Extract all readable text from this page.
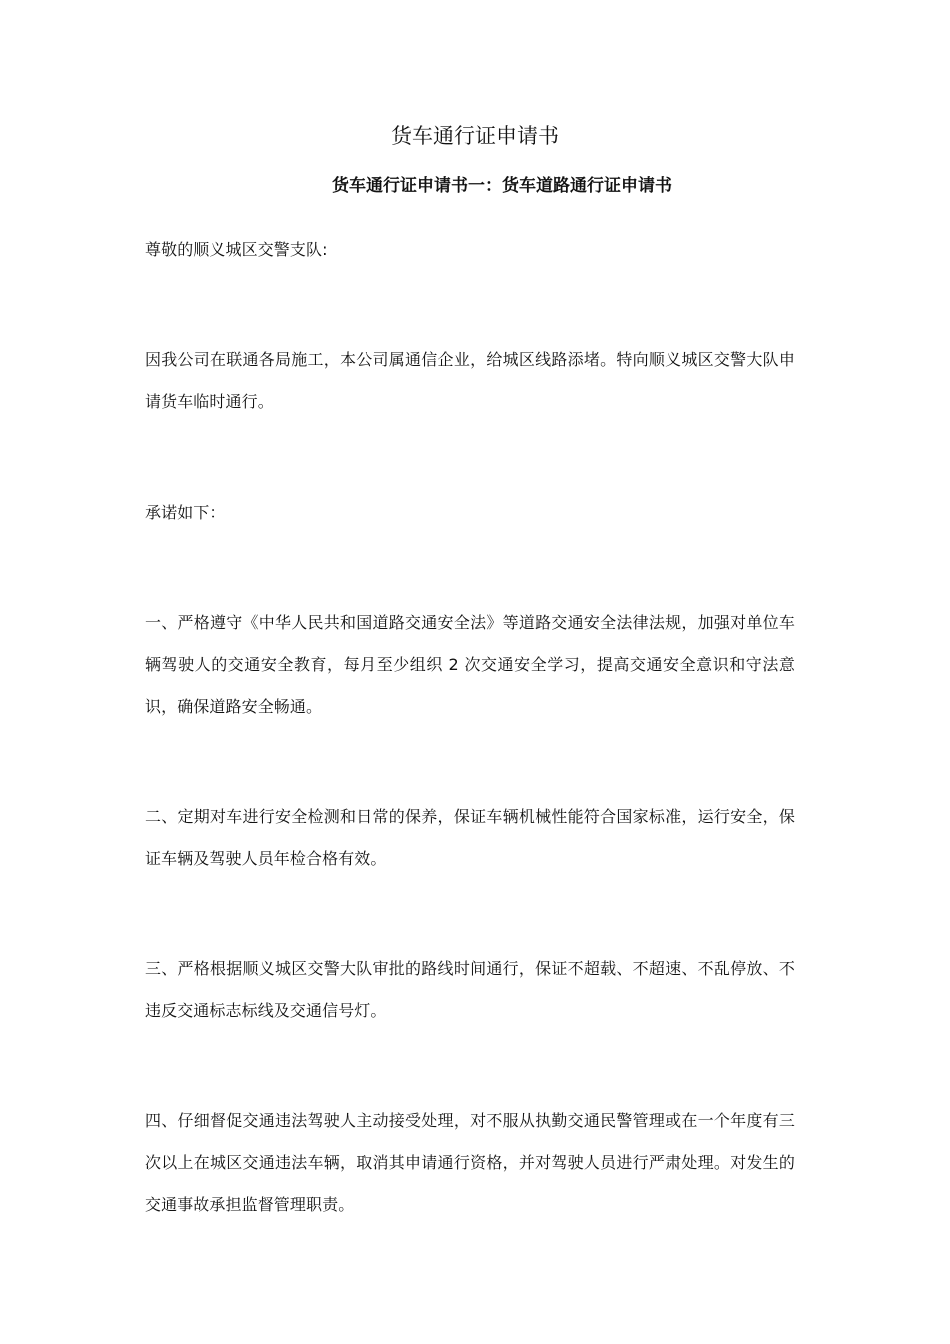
货车通行证申请书
货车通行证申请书一：货车道路通行证申请书

尊敬的顺义城区交警支队:

因我公司在联通各局施工，本公司属通信企业，给城区线路添堵。特向顺义城区交警大队申请货车临时通行。

承诺如下：

一、严格遵守《中华人民共和国道路交通安全法》等道路交通安全法律法规，加强对单位车辆驾驶人的交通安全教育，每月至少组织 2 次交通安全学习，提高交通安全意识和守法意识，确保道路安全畅通。

二、定期对车进行安全检测和日常的保养，保证车辆机械性能符合国家标准，运行安全，保证车辆及驾驶人员年检合格有效。

三、严格根据顺义城区交警大队审批的路线时间通行，保证不超载、不超速、不乱停放、不违反交通标志标线及交通信号灯。

四、仔细督促交通违法驾驶人主动接受处理，对不服从执勤交通民警管理或在一个年度有三次以上在城区交通违法车辆，取消其申请通行资格，并对驾驶人员进行严肃处理。对发生的交通事故承担监督管理职责。
